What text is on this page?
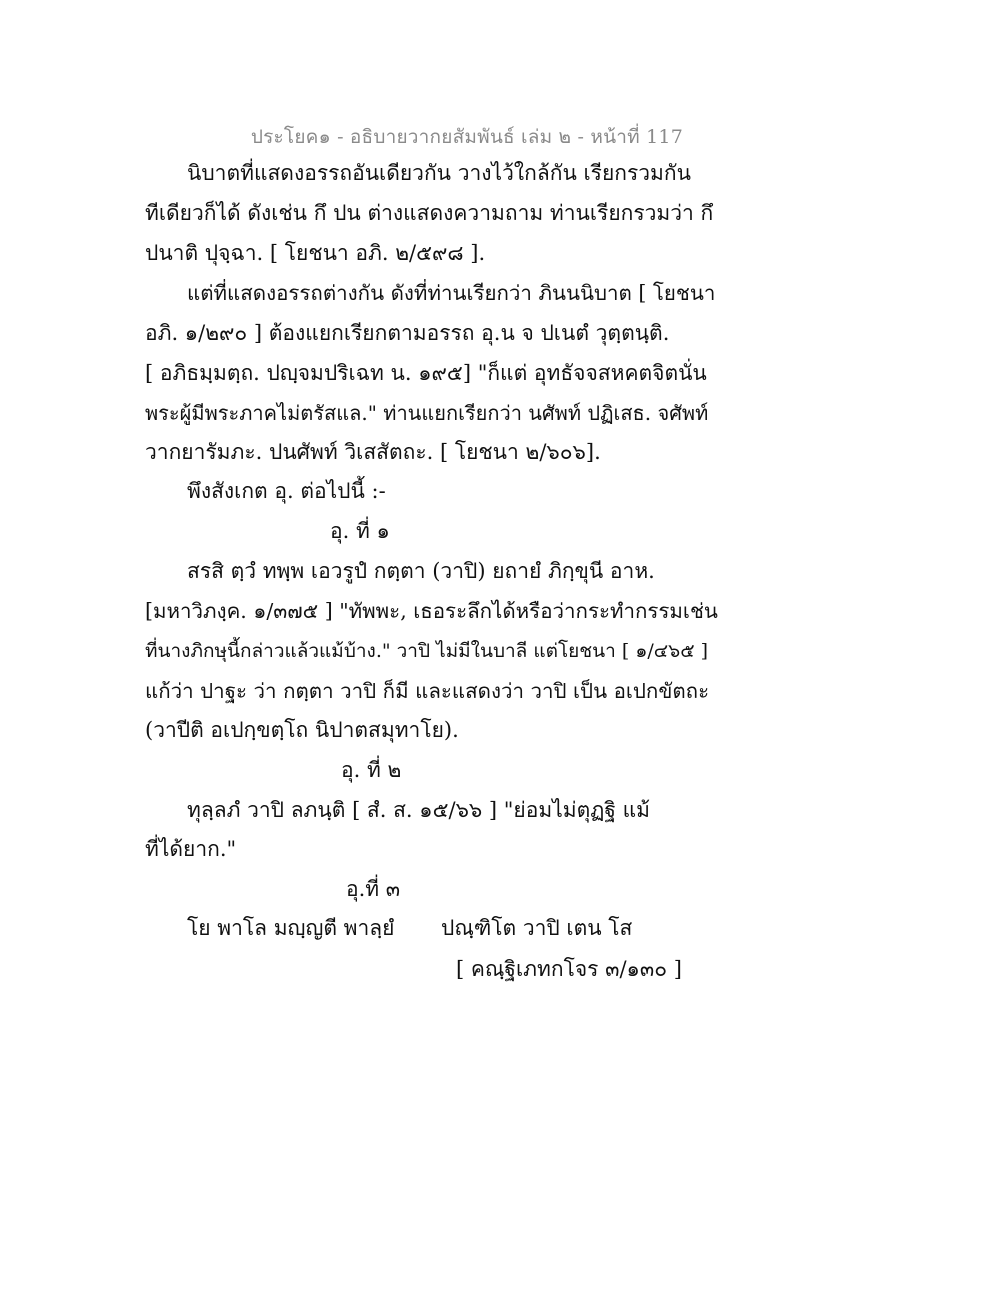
ประโยค๑ - อธิบายวากยสัมพันธ์ เล่ม ๒ - หน้าที่ 117
นิบาตที่แสดงอรรถอันเดียวกัน วางไว้ใกล้กัน เรียกรวมกัน
ทีเดียวก็ได้ ดังเช่น กึ ปน ต่างแสดงความถาม ท่านเรียกรวมว่า กึ
ปนาติ ปุจฺฉา. [ โยชนา อภิ. ๒/๕๙๘ ].
แต่ที่แสดงอรรถต่างกัน ดังที่ท่านเรียกว่า ภินนนิบาต [ โยชนา
อภิ. ๑/๒๙๐ ] ต้องแยกเรียกตามอรรถ อุ.น จ ปเนตํ วุตฺตนฺติ.
[ อภิธมฺมตฺถ. ปญฺจมปริเฉท น. ๑๙๕] "ก็แต่ อุทธัจจสหคตจิตนั่น
พระผู้มีพระภาคไม่ตรัสแล." ท่านแยกเรียกว่า นศัพท์ ปฏิเสธ. จศัพท์
วากยารัมภะ. ปนศัพท์ วิเสสัตถะ. [ โยชนา ๒/๖๐๖].
พึงสังเกต อุ. ต่อไปนี้ :-
อุ. ที่ ๑
สรสิ ตฺวํ ทพฺพ เอวรูปํ กตฺตา (วาปิ) ยถายํ ภิกฺขุนี อาห.
[มหาวิภงฺค. ๑/๓๗๕ ] "ทัพพะ, เธอระลึกได้หรือว่ากระทำกรรมเช่น
ที่นางภิกษุนี้กล่าวแล้วแม้บ้าง." วาปิ ไม่มีในบาลี แต่โยชนา [ ๑/๔๖๕ ]
แก้ว่า ปาฐะ ว่า กตฺตา วาปิ ก็มี และแสดงว่า วาปิ เป็น อเปกขัตถะ
(วาปีติ อเปกฺขตฺโถ นิปาตสมุทาโย).
อุ. ที่ ๒
ทุลฺลภํ วาปิ ลภนฺติ [ สํ. ส. ๑๕/๖๖ ] "ย่อมไม่ตุฏฐิ แม้
ที่ได้ยาก."
อุ.ที่ ๓
โย พาโล มญฺญตี พาลฺยํ ปณฺฑิโต วาปิ เตน โส
[ คณฺฐิเภทกโจร ๓/๑๓๐ ]
